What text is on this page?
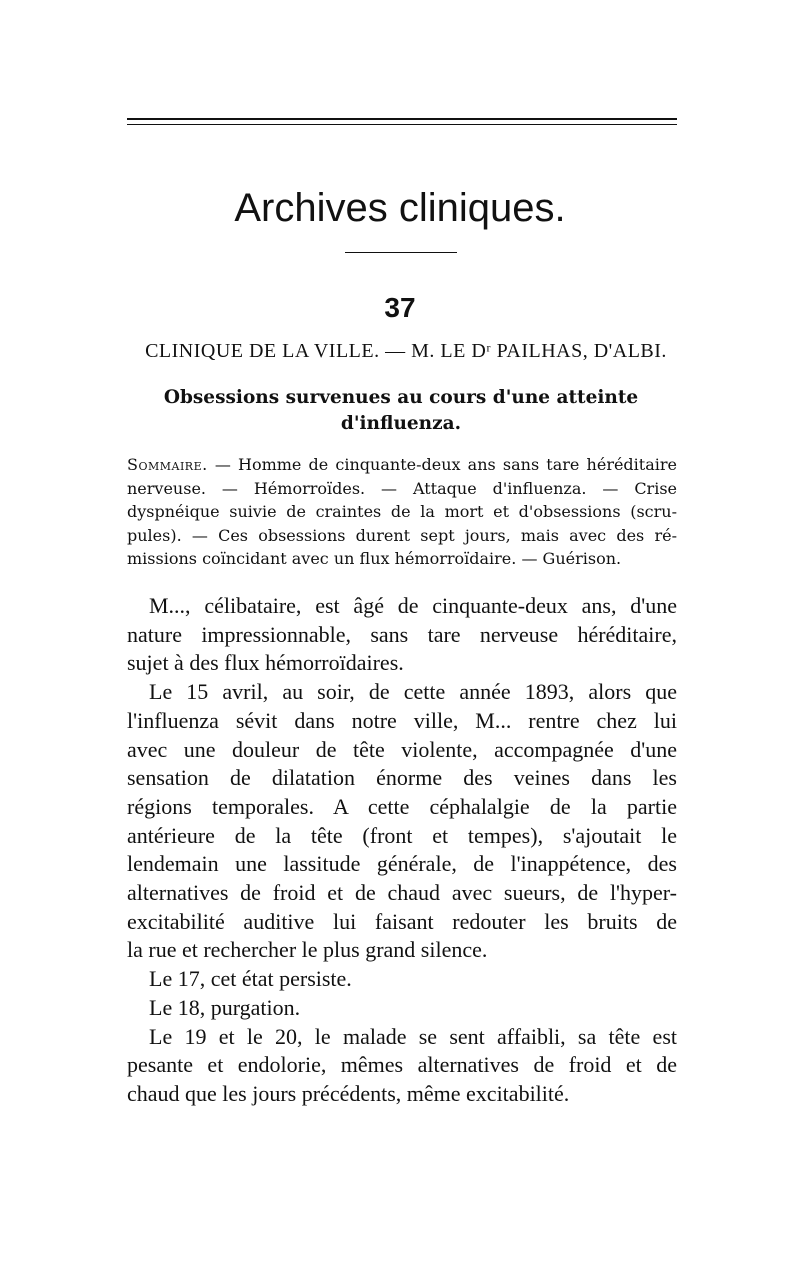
Archives cliniques.
37
CLINIQUE DE LA VILLE. — M. LE Dʳ PAILHAS, D'ALBI.
Obsessions survenues au cours d'une atteinte
d'influenza.
Sommaire. — Homme de cinquante-deux ans sans tare héréditaire
nerveuse. — Hémorroïdes. — Attaque d'influenza. — Crise
dyspnéique suivie de craintes de la mort et d'obsessions (scru-
pules). — Ces obsessions durent sept jours, mais avec des ré-
missions coïncidant avec un flux hémorroïdaire. — Guérison.
M..., célibataire, est âgé de cinquante-deux ans, d'une
nature impressionnable, sans tare nerveuse héréditaire,
sujet à des flux hémorroïdaires.
Le 15 avril, au soir, de cette année 1893, alors que
l'influenza sévit dans notre ville, M... rentre chez lui
avec une douleur de tête violente, accompagnée d'une
sensation de dilatation énorme des veines dans les
régions temporales. A cette céphalalgie de la partie
antérieure de la tête (front et tempes), s'ajoutait le
lendemain une lassitude générale, de l'inappétence, des
alternatives de froid et de chaud avec sueurs, de l'hyper-
excitabilité auditive lui faisant redouter les bruits de
la rue et rechercher le plus grand silence.
Le 17, cet état persiste.
Le 18, purgation.
Le 19 et le 20, le malade se sent affaibli, sa tête est
pesante et endolorie, mêmes alternatives de froid et de
chaud que les jours précédents, même excitabilité.
